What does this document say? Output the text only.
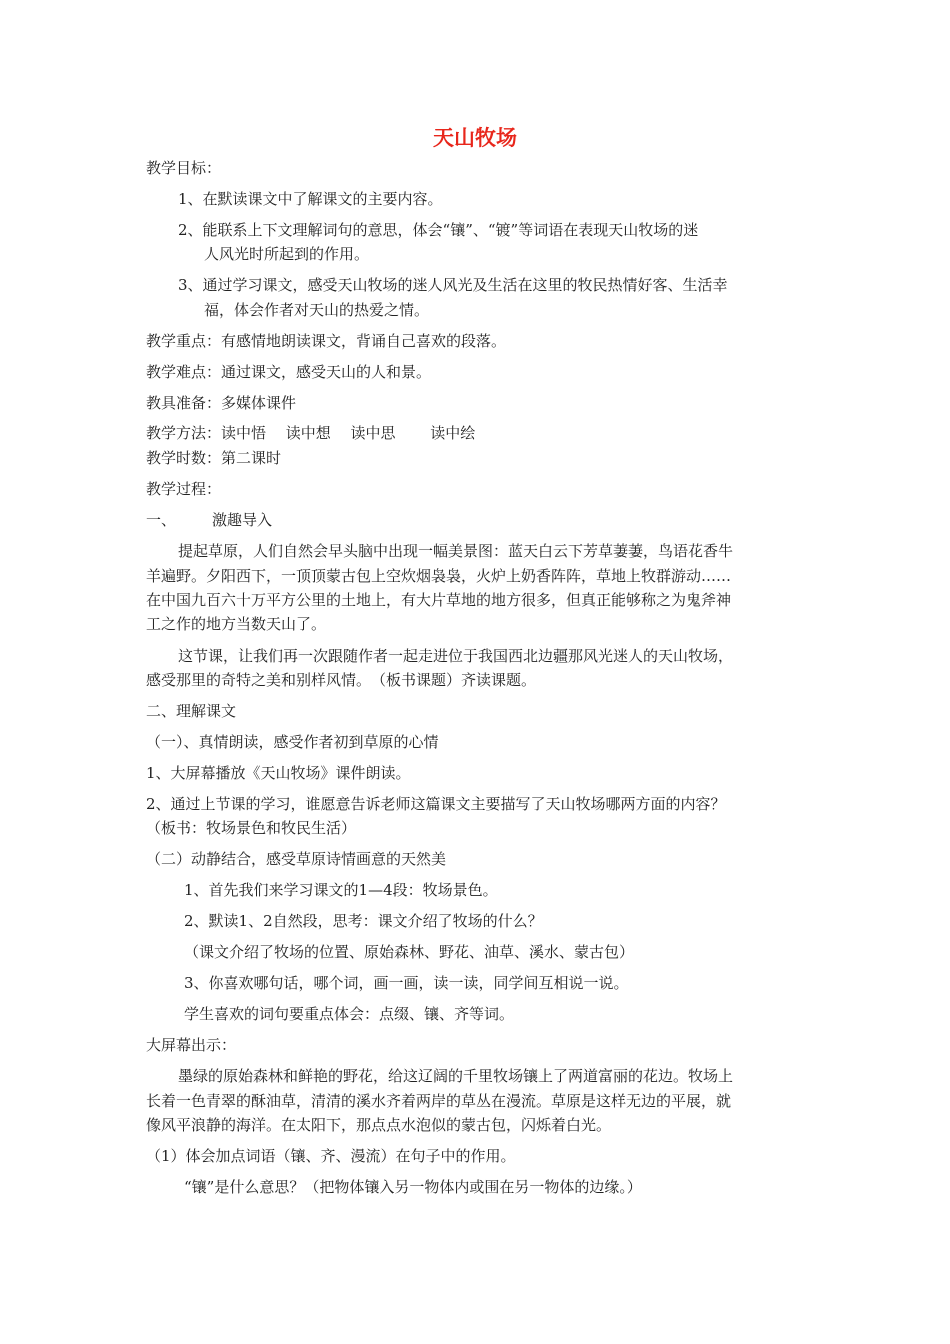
天山牧场
教学目标：
1、在默读课文中了解课文的主要内容。
2、能联系上下文理解词句的意思，体会“镶”、“镀”等词语在表现天山牧场的迷
人风光时所起到的作用。
3、通过学习课文，感受天山牧场的迷人风光及生活在这里的牧民热情好客、生活幸
福，体会作者对天山的热爱之情。
教学重点：有感情地朗读课文，背诵自己喜欢的段落。
教学难点：通过课文，感受天山的人和景。
教具准备：多媒体课件
教学方法：读中悟　 读中想　 读中思　　 读中绘
教学时数：第二课时
教学过程：
一、 激趣导入
提起草原，人们自然会早头脑中出现一幅美景图：蓝天白云下芳草萋萋，鸟语花香牛
羊遍野。夕阳西下，一顶顶蒙古包上空炊烟袅袅，火炉上奶香阵阵，草地上牧群游动……
在中国九百六十万平方公里的土地上，有大片草地的地方很多，但真正能够称之为鬼斧神
工之作的地方当数天山了。
这节课，让我们再一次跟随作者一起走进位于我国西北边疆那风光迷人的天山牧场，
感受那里的奇特之美和别样风情。　（板书课题）齐读课题。
二、理解课文
（一）、真情朗读，感受作者初到草原的心情
1、大屏幕播放《天山牧场》课件朗读。
2、通过上节课的学习，谁愿意告诉老师这篇课文主要描写了天山牧场哪两方面的内容？
（板书：牧场景色和牧民生活）
（二）动静结合，感受草原诗情画意的天然美
1、首先我们来学习课文的1—4段：牧场景色。
2、默读1、2自然段，思考：课文介绍了牧场的什么？
（课文介绍了牧场的位置、原始森林、野花、油草、溪水、蒙古包）
3、你喜欢哪句话，哪个词，画一画，读一读，同学间互相说一说。
学生喜欢的词句要重点体会：点缀、镶、齐等词。
大屏幕出示：
墨绿的原始森林和鲜艳的野花，给这辽阔的千里牧场镶上了两道富丽的花边。牧场上
长着一色青翠的酥油草，清清的溪水齐着两岸的草丛在漫流。草原是这样无边的平展，就
像风平浪静的海洋。在太阳下，那点点水泡似的蒙古包，闪烁着白光。
（1）体会加点词语（镶、齐、漫流）在句子中的作用。
“镶”是什么意思？（把物体镶入另一物体内或围在另一物体的边缘。）
